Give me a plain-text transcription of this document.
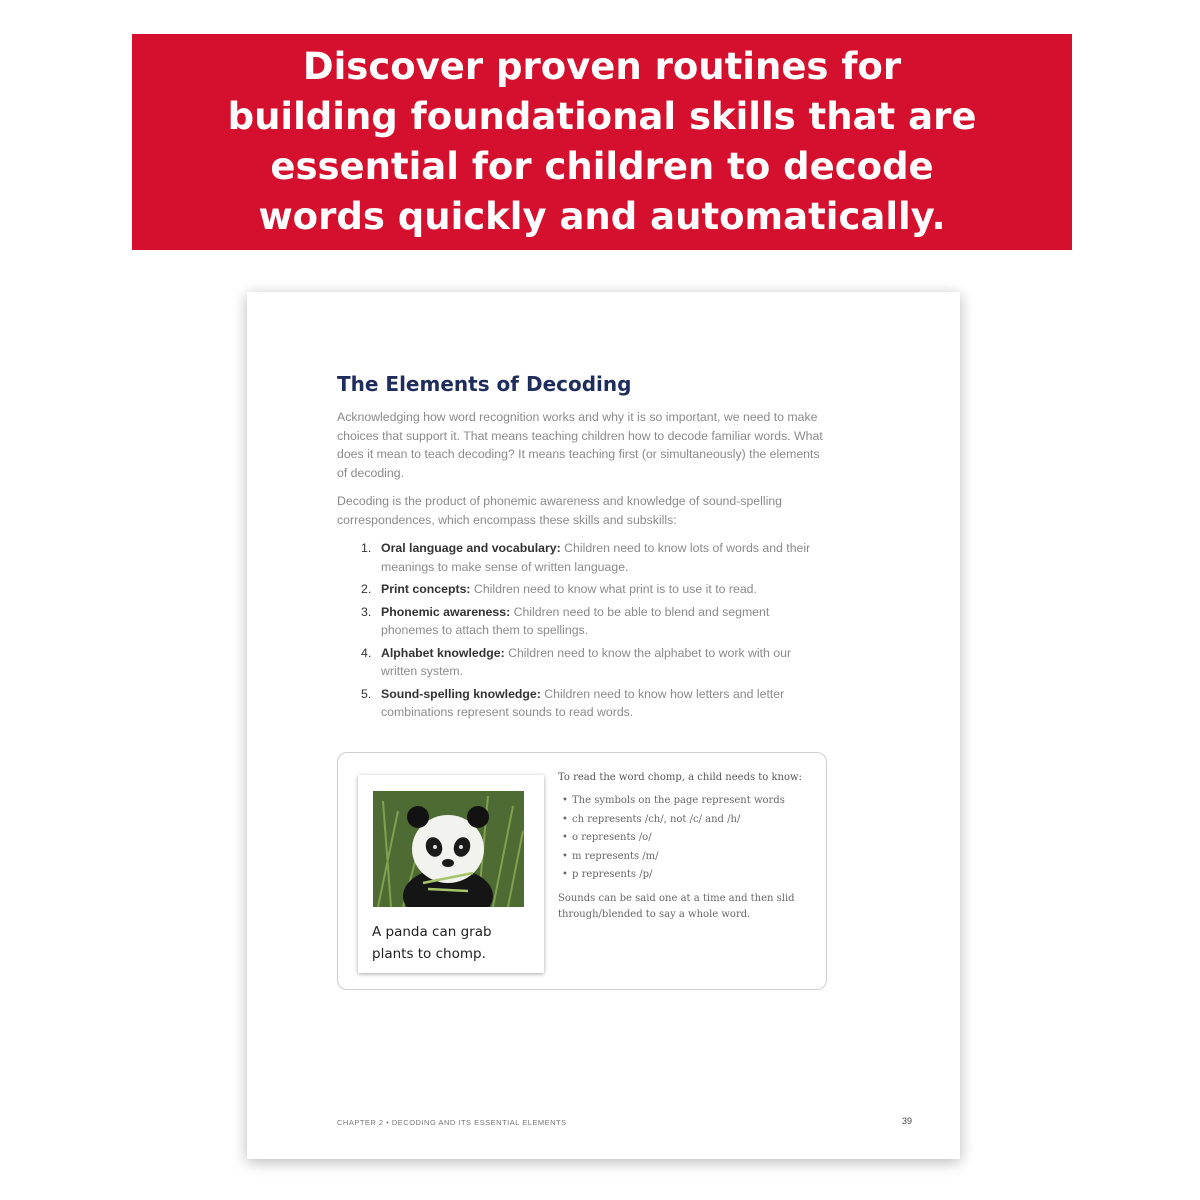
Discover proven routines for building foundational skills that are essential for children to decode words quickly and automatically.

The Elements of Decoding

Acknowledging how word recognition works and why it is so important, we need to make choices that support it. That means teaching children how to decode familiar words. What does it mean to teach decoding? It means teaching first (or simultaneously) the elements of decoding.

Decoding is the product of phonemic awareness and knowledge of sound-spelling correspondences, which encompass these skills and subskills:

1. Oral language and vocabulary: Children need to know lots of words and their meanings to make sense of written language.
2. Print concepts: Children need to know what print is to use it to read.
3. Phonemic awareness: Children need to be able to blend and segment phonemes to attach them to spellings.
4. Alphabet knowledge: Children need to know the alphabet to work with our written system.
5. Sound-spelling knowledge: Children need to know how letters and letter combinations represent sounds to read words.

A panda can grab plants to chomp.

To read the word chomp, a child needs to know:

• The symbols on the page represent words
• ch represents /ch/, not /c/ and /h/
• o represents /o/
• m represents /m/
• p represents /p/

Sounds can be said one at a time and then slid through/blended to say a whole word.

CHAPTER 2 • DECODING AND ITS ESSENTIAL ELEMENTS	39
